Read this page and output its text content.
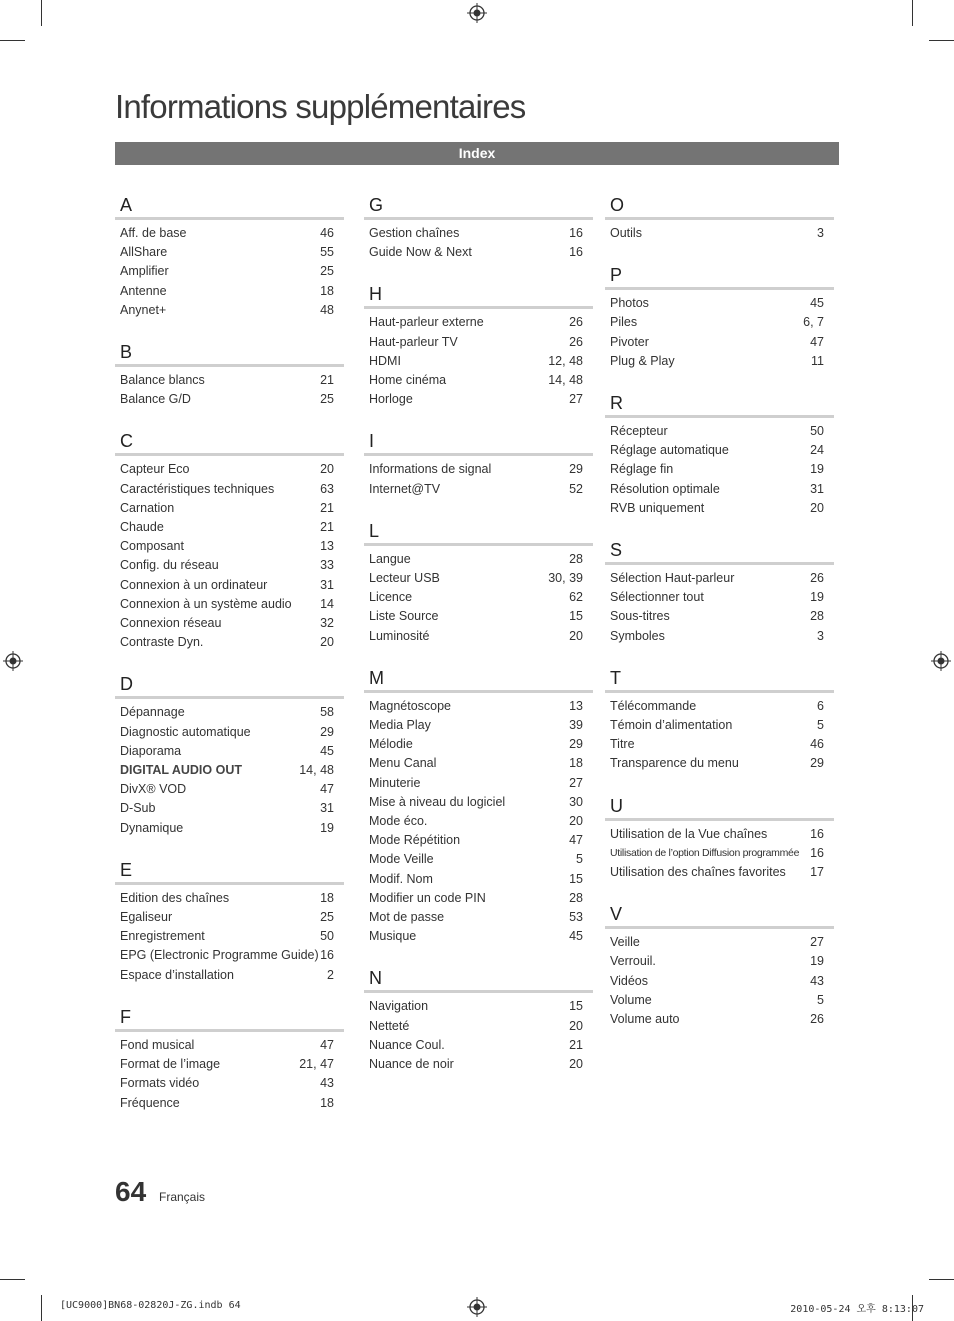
Informations supplémentaires
Index
A
Aff. de base	46
AllShare	55
Amplifier	25
Antenne	18
Anynet+	48
B
Balance blancs	21
Balance G/D	25
C
Capteur Eco	20
Caractéristiques techniques	63
Carnation	21
Chaude	21
Composant	13
Config. du réseau	33
Connexion à un ordinateur	31
Connexion à un système audio 14
Connexion réseau	32
Contraste Dyn.	20
D
Dépannage	58
Diagnostic automatique	29
Diaporama	45
DIGITAL AUDIO OUT	14, 48
DivX® VOD	47
D-Sub	31
Dynamique	19
E
Edition des chaînes	18
Egaliseur	25
Enregistrement	50
EPG (Electronic Programme Guide) 16
Espace d’installation	2
F
Fond musical	47
Format de l’image	21, 47
Formats vidéo	43
Fréquence	18
G
Gestion chaînes	16
Guide Now & Next	16
H
Haut-parleur externe	26
Haut-parleur TV	26
HDMI	12, 48
Home cinéma	14, 48
Horloge	27
I
Informations de signal	29
Internet@TV	52
L
Langue	28
Lecteur USB	30, 39
Licence	62
Liste Source	15
Luminosité	20
M
Magnétoscope	13
Media Play	39
Mélodie	29
Menu Canal	18
Minuterie	27
Mise à niveau du logiciel	30
Mode éco.	20
Mode Répétition	47
Mode Veille	5
Modif. Nom	15
Modifier un code PIN	28
Mot de passe	53
Musique	45
N
Navigation	15
Netteté	20
Nuance Coul.	21
Nuance de noir	20
O
Outils	3
P
Photos	45
Piles	6, 7
Pivoter	47
Plug & Play	11
R
Récepteur	50
Réglage automatique	24
Réglage fin	19
Résolution optimale	31
RVB uniquement	20
S
Sélection Haut-parleur	26
Sélectionner tout	19
Sous-titres	28
Symboles	3
T
Télécommande	6
Témoin d’alimentation	5
Titre	46
Transparence du menu	29
U
Utilisation de la Vue chaînes	16
Utilisation de l’option Diffusion programmée 16
Utilisation des chaînes favorites 17
V
Veille	27
Verrouil.	19
Vidéos	43
Volume	5
Volume auto	26
64 Français
[UC9000]BN68-02820J-ZG.indb 64	2010-05-24 오후 8:13:07
